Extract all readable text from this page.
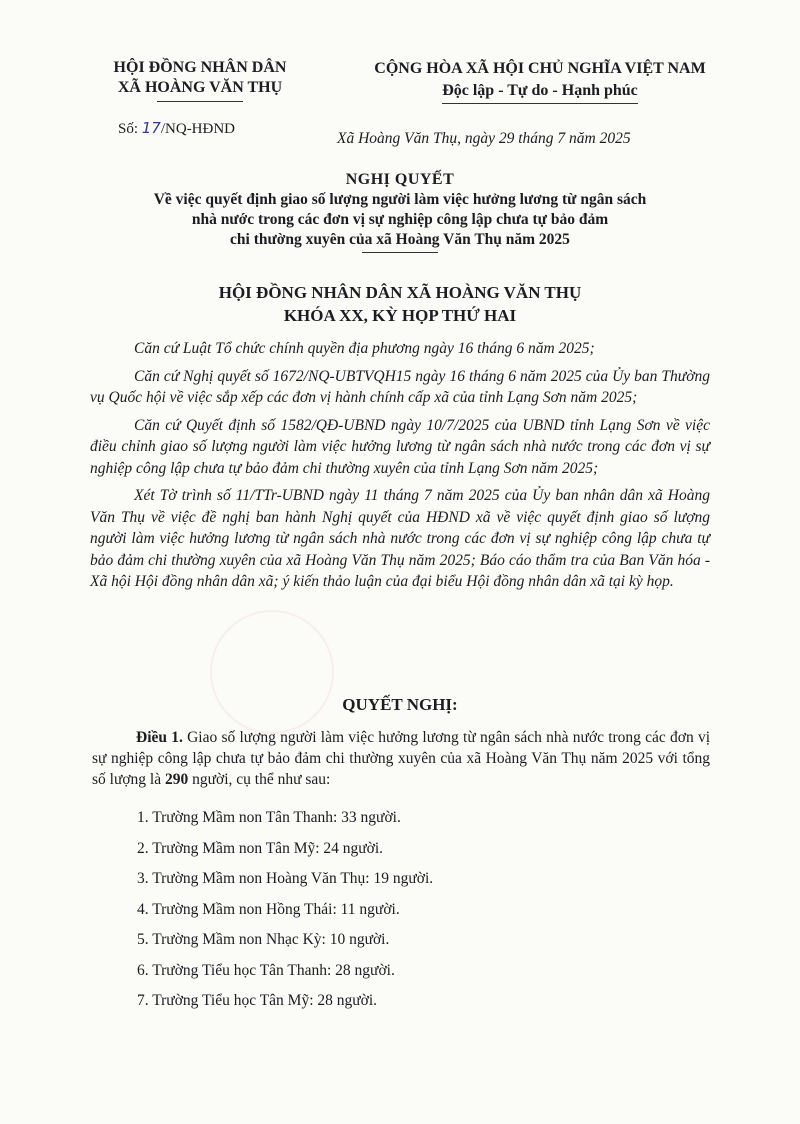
HỘI ĐỒNG NHÂN DÂN
XÃ HOÀNG VĂN THỤ
CỘNG HÒA XÃ HỘI CHỦ NGHĨA VIỆT NAM
Độc lập - Tự do - Hạnh phúc
Số: 17/NQ-HĐND
Xã Hoàng Văn Thụ, ngày 29 tháng 7 năm 2025
NGHỊ QUYẾT
Về việc quyết định giao số lượng người làm việc hưởng lương từ ngân sách
nhà nước trong các đơn vị sự nghiệp công lập chưa tự bảo đảm
chi thường xuyên của xã Hoàng Văn Thụ năm 2025
HỘI ĐỒNG NHÂN DÂN XÃ HOÀNG VĂN THỤ
KHÓA XX, KỲ HỌP THỨ HAI

Căn cứ Luật Tổ chức chính quyền địa phương ngày 16 tháng 6 năm 2025;

Căn cứ Nghị quyết số 1672/NQ-UBTVQH15 ngày 16 tháng 6 năm 2025 của Ủy ban Thường vụ Quốc hội về việc sắp xếp các đơn vị hành chính cấp xã của tỉnh Lạng Sơn năm 2025;

Căn cứ Quyết định số 1582/QĐ-UBND ngày 10/7/2025 của UBND tỉnh Lạng Sơn về việc điều chỉnh giao số lượng người làm việc hưởng lương từ ngân sách nhà nước trong các đơn vị sự nghiệp công lập chưa tự bảo đảm chi thường xuyên của tỉnh Lạng Sơn năm 2025;

Xét Tờ trình số 11/TTr-UBND ngày 11 tháng 7 năm 2025 của Ủy ban nhân dân xã Hoàng Văn Thụ về việc đề nghị ban hành Nghị quyết của HĐND xã về việc quyết định giao số lượng người làm việc hưởng lương từ ngân sách nhà nước trong các đơn vị sự nghiệp công lập chưa tự bảo đảm chi thường xuyên của xã Hoàng Văn Thụ năm 2025; Báo cáo thẩm tra của Ban Văn hóa - Xã hội Hội đồng nhân dân xã; ý kiến thảo luận của đại biểu Hội đồng nhân dân xã tại kỳ họp.

QUYẾT NGHỊ:
Điều 1. Giao số lượng người làm việc hưởng lương từ ngân sách nhà nước trong các đơn vị sự nghiệp công lập chưa tự bảo đảm chi thường xuyên của xã Hoàng Văn Thụ năm 2025 với tổng số lượng là 290 người, cụ thể như sau:
1. Trường Mầm non Tân Thanh: 33 người.
2. Trường Mầm non Tân Mỹ: 24 người.
3. Trường Mầm non Hoàng Văn Thụ: 19 người.
4. Trường Mầm non Hồng Thái: 11 người.
5. Trường Mầm non Nhạc Kỳ: 10 người.
6. Trường Tiểu học Tân Thanh: 28 người.
7. Trường Tiểu học Tân Mỹ: 28 người.
